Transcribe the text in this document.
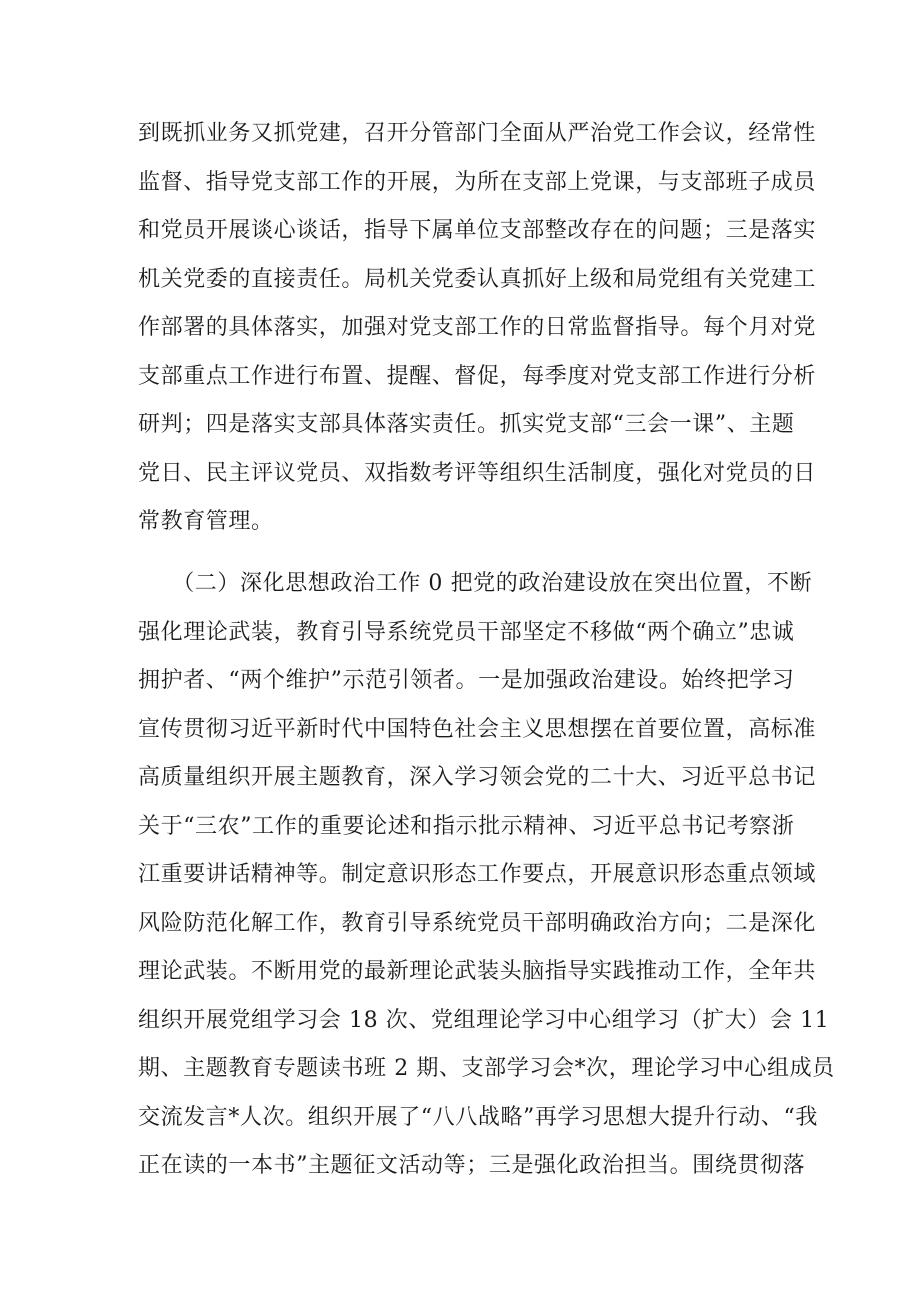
到既抓业务又抓党建，召开分管部门全面从严治党工作会议，经常性
监督、指导党支部工作的开展，为所在支部上党课，与支部班子成员
和党员开展谈心谈话，指导下属单位支部整改存在的问题；三是落实
机关党委的直接责任。局机关党委认真抓好上级和局党组有关党建工
作部署的具体落实，加强对党支部工作的日常监督指导。每个月对党
支部重点工作进行布置、提醒、督促，每季度对党支部工作进行分析
研判；四是落实支部具体落实责任。抓实党支部“三会一课”、主题
党日、民主评议党员、双指数考评等组织生活制度，强化对党员的日
常教育管理。
　　（二）深化思想政治工作 0 把党的政治建设放在突出位置，不断
强化理论武装，教育引导系统党员干部坚定不移做“两个确立”忠诚
拥护者、“两个维护”示范引领者。一是加强政治建设。始终把学习
宣传贯彻习近平新时代中国特色社会主义思想摆在首要位置，高标准
高质量组织开展主题教育，深入学习领会党的二十大、习近平总书记
关于“三农”工作的重要论述和指示批示精神、习近平总书记考察浙
江重要讲话精神等。制定意识形态工作要点，开展意识形态重点领域
风险防范化解工作，教育引导系统党员干部明确政治方向；二是深化
理论武装。不断用党的最新理论武装头脑指导实践推动工作，全年共
组织开展党组学习会 18 次、党组理论学习中心组学习（扩大）会 11
期、主题教育专题读书班 2 期、支部学习会*次，理论学习中心组成员
交流发言*人次。组织开展了“八八战略”再学习思想大提升行动、“我
正在读的一本书”主题征文活动等；三是强化政治担当。围绕贯彻落
